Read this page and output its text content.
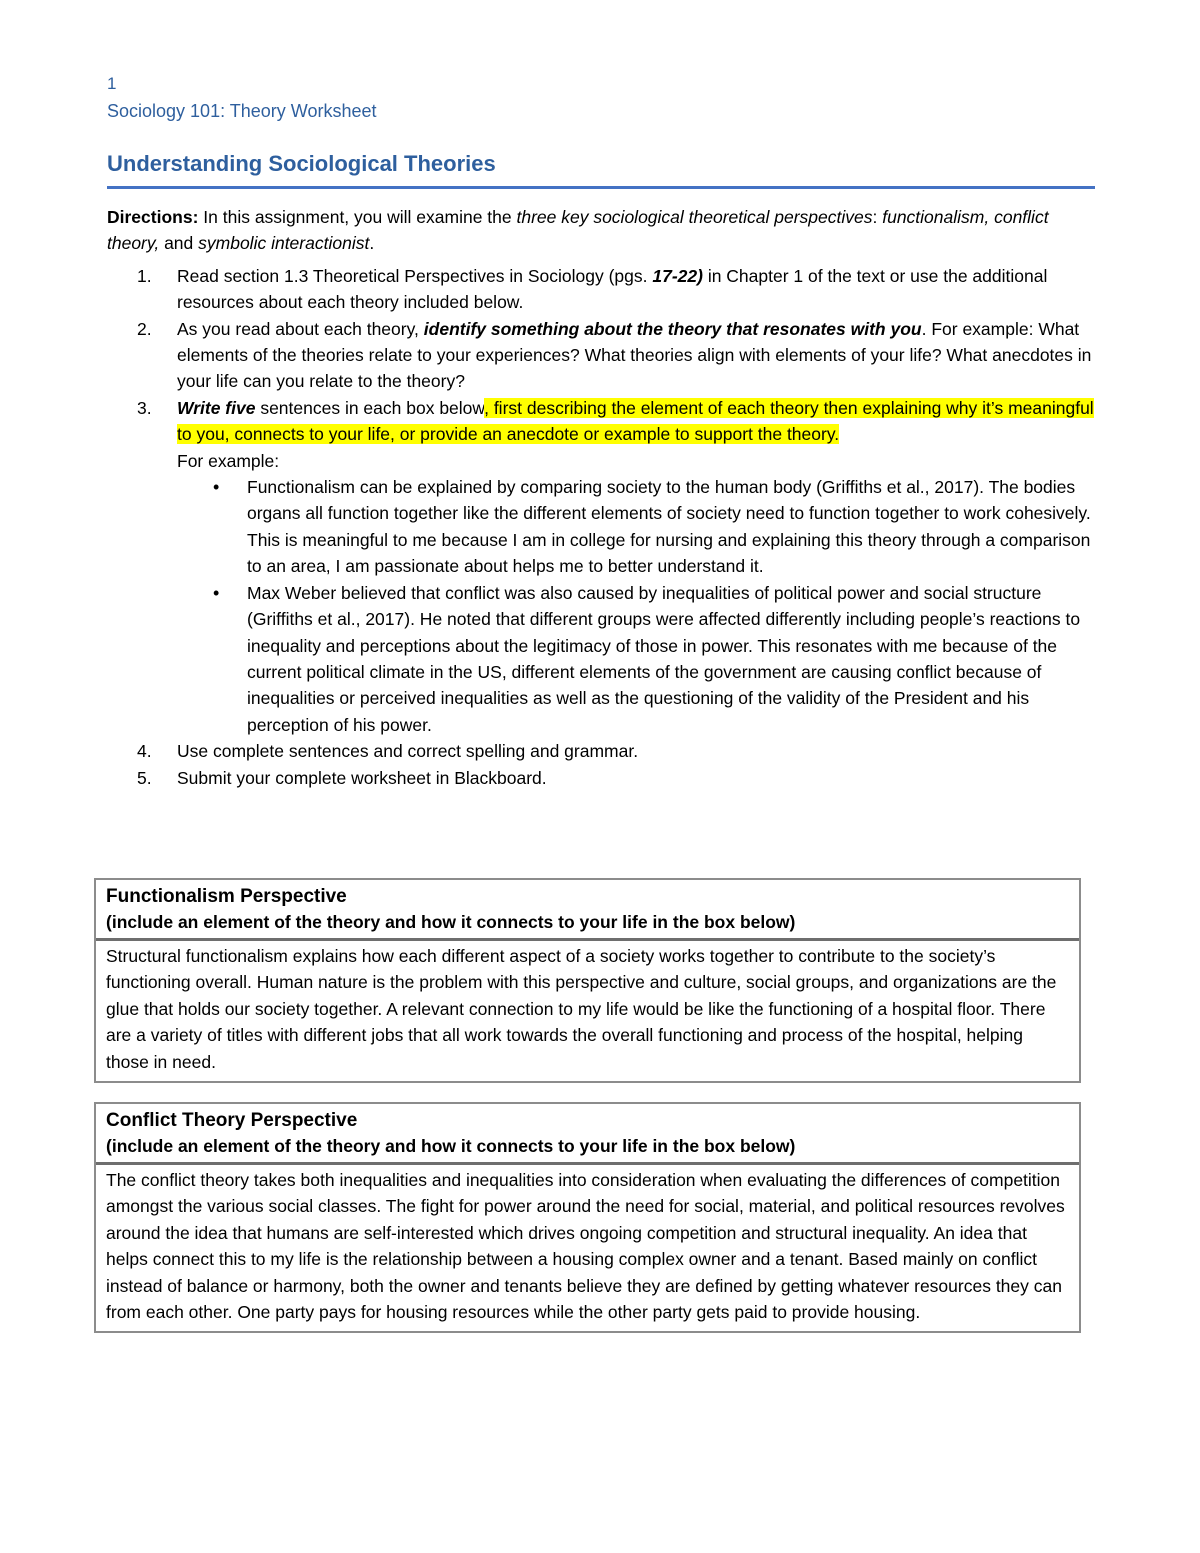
1
Sociology 101: Theory Worksheet
Understanding Sociological Theories

Directions: In this assignment, you will examine the three key sociological theoretical perspectives: functionalism, conflict theory, and symbolic interactionist.

1. Read section 1.3 Theoretical Perspectives in Sociology (pgs. 17-22) in Chapter 1 of the text or use the additional resources about each theory included below.
2. As you read about each theory, identify something about the theory that resonates with you. For example: What elements of the theories relate to your experiences? What theories align with elements of your life? What anecdotes in your life can you relate to the theory?
3. Write five sentences in each box below, first describing the element of each theory then explaining why it’s meaningful to you, connects to your life, or provide an anecdote or example to support the theory.
For example:
• Functionalism can be explained by comparing society to the human body (Griffiths et al., 2017). The bodies organs all function together like the different elements of society need to function together to work cohesively. This is meaningful to me because I am in college for nursing and explaining this theory through a comparison to an area, I am passionate about helps me to better understand it.
• Max Weber believed that conflict was also caused by inequalities of political power and social structure (Griffiths et al., 2017). He noted that different groups were affected differently including people’s reactions to inequality and perceptions about the legitimacy of those in power. This resonates with me because of the current political climate in the US, different elements of the government are causing conflict because of inequalities or perceived inequalities as well as the questioning of the validity of the President and his perception of his power.
4. Use complete sentences and correct spelling and grammar.
5. Submit your complete worksheet in Blackboard.
Functionalism Perspective
(include an element of the theory and how it connects to your life in the box below)
Structural functionalism explains how each different aspect of a society works together to contribute to the society’s functioning overall. Human nature is the problem with this perspective and culture, social groups, and organizations are the glue that holds our society together. A relevant connection to my life would be like the functioning of a hospital floor. There are a variety of titles with different jobs that all work towards the overall functioning and process of the hospital, helping those in need.
Conflict Theory Perspective
(include an element of the theory and how it connects to your life in the box below)
The conflict theory takes both inequalities and inequalities into consideration when evaluating the differences of competition amongst the various social classes. The fight for power around the need for social, material, and political resources revolves around the idea that humans are self-interested which drives ongoing competition and structural inequality. An idea that helps connect this to my life is the relationship between a housing complex owner and a tenant. Based mainly on conflict instead of balance or harmony, both the owner and tenants believe they are defined by getting whatever resources they can from each other. One party pays for housing resources while the other party gets paid to provide housing.
